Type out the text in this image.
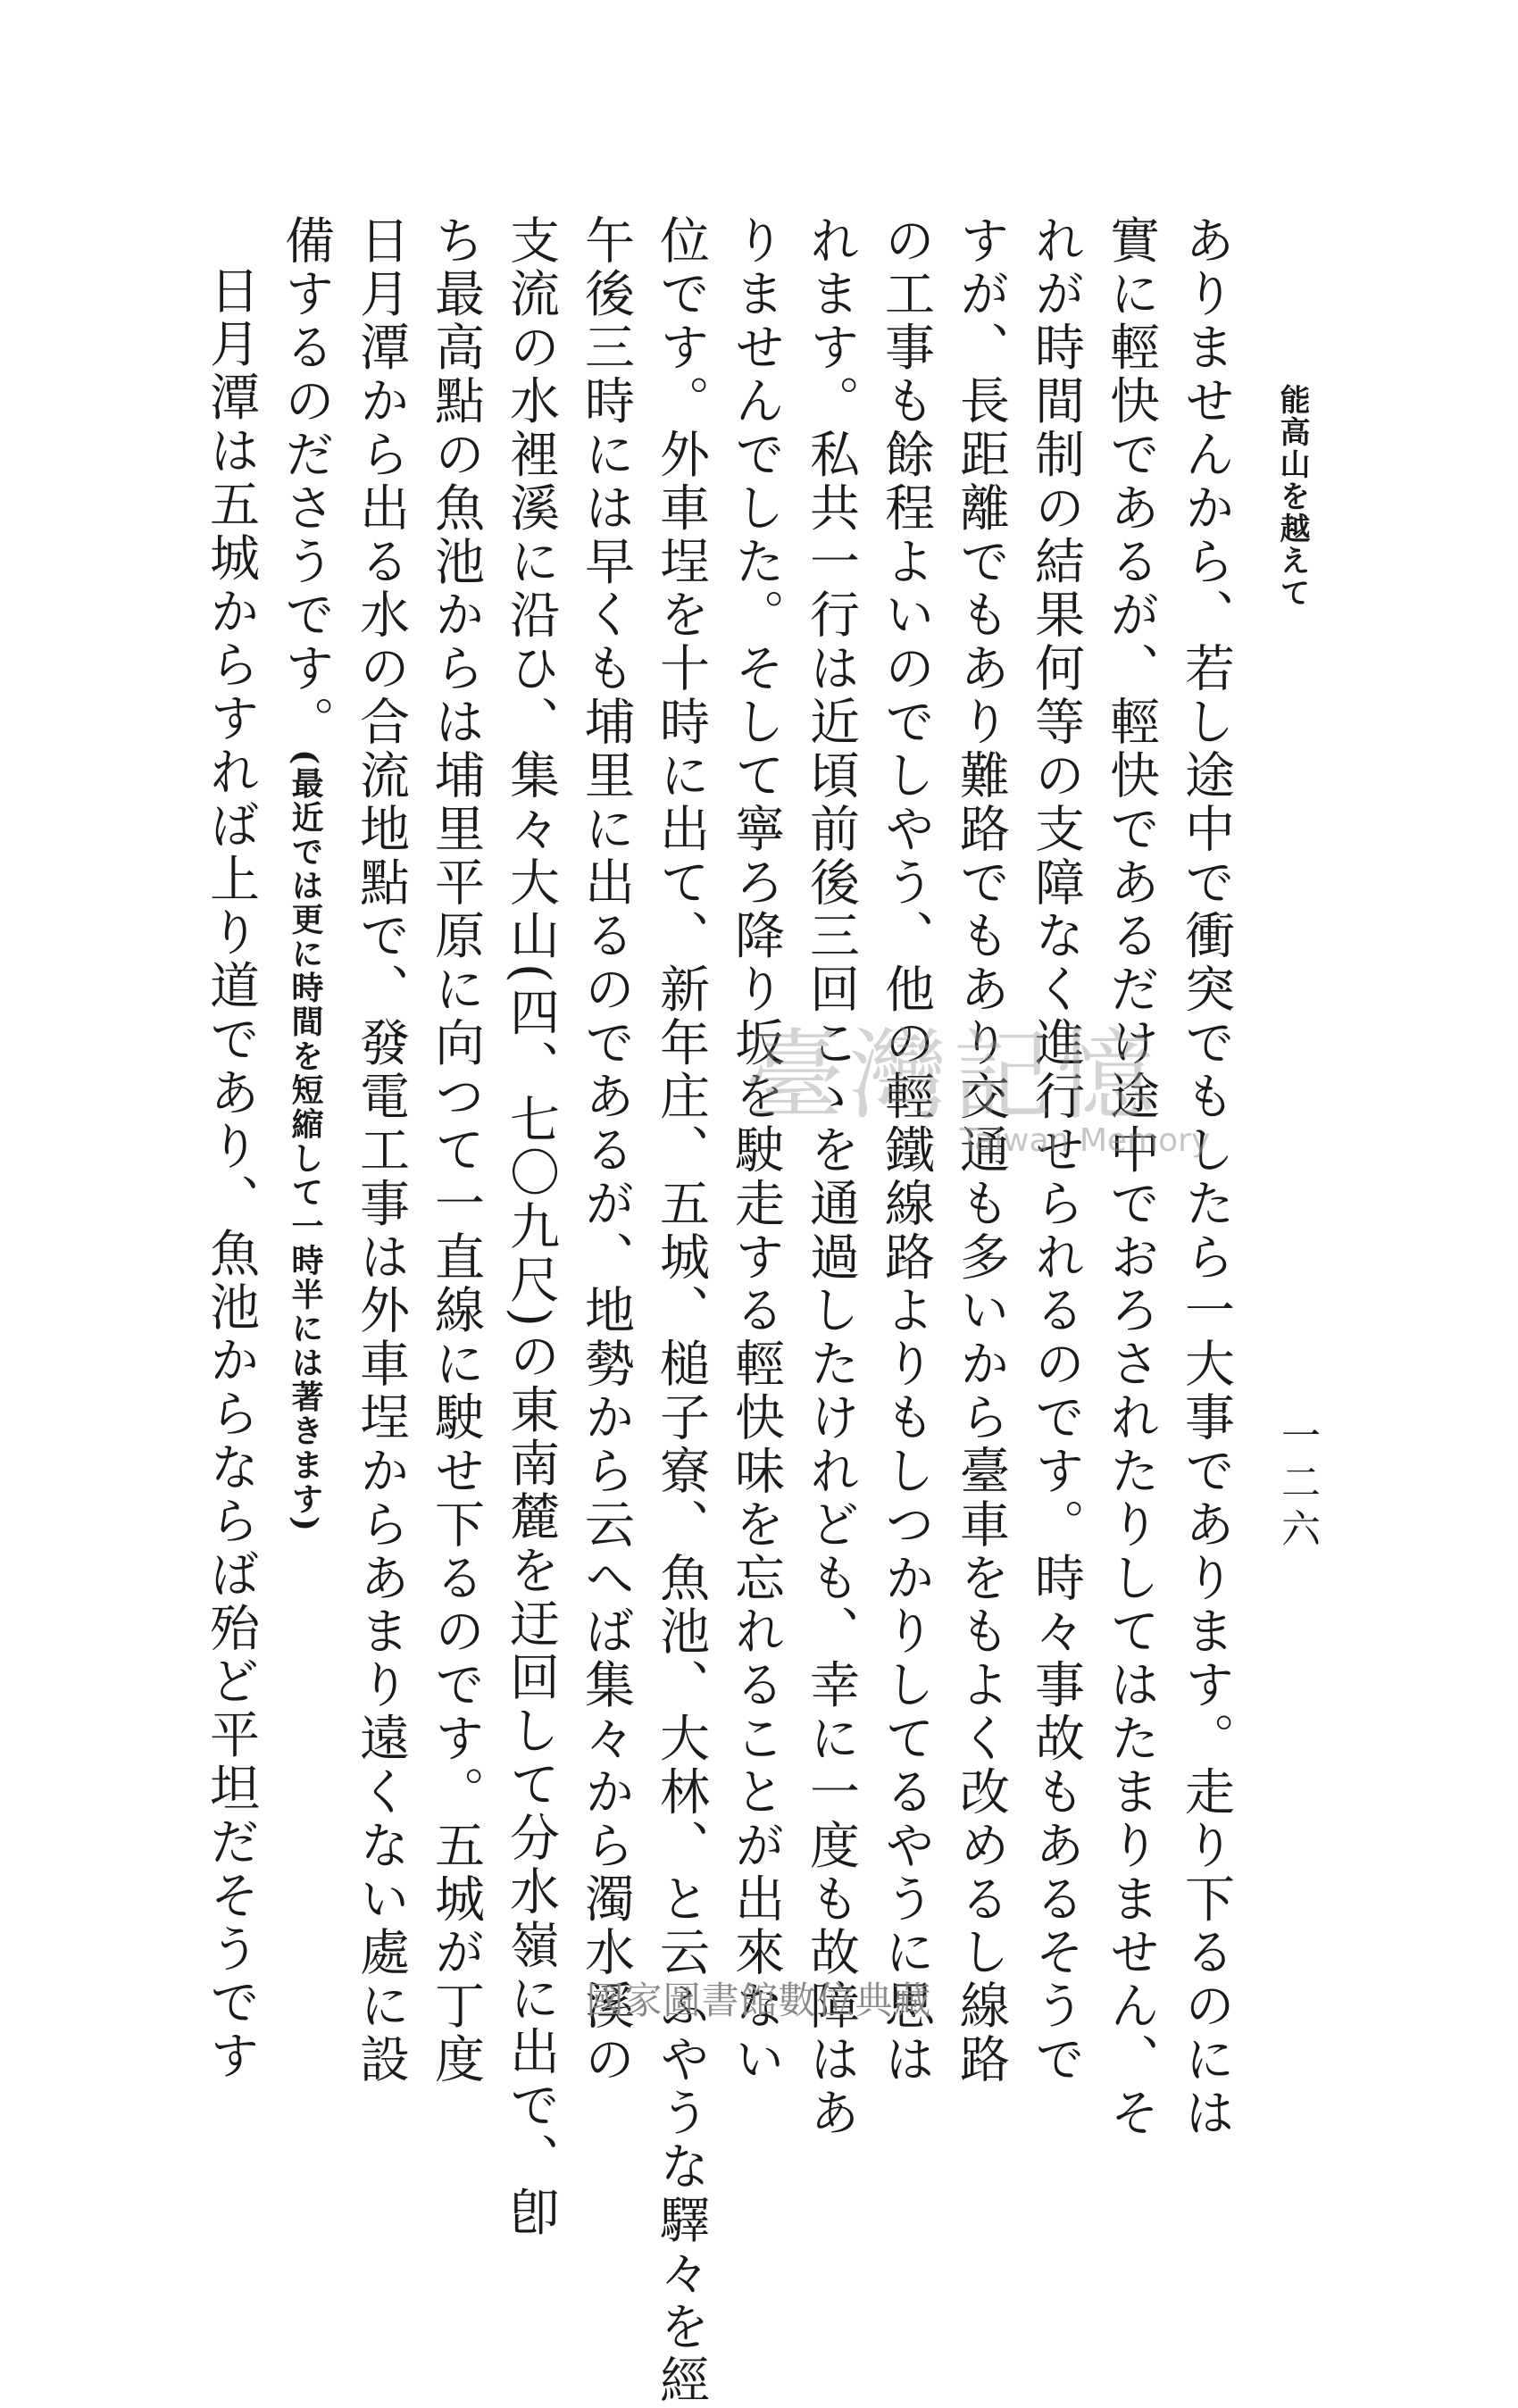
能高山を越えて
一二六

ありませんから、若し途中で衝突でもしたら一大事であります。走り下るのには

實に輕快であるが、輕快であるだけ途中でおろされたりしてはたまりません、そ

れが時間制の結果何等の支障なく進行せられるのです。時々事故もあるそうで

すが、長距離でもあり難路でもあり交通も多いから臺車をもよく改めるし線路

の工事も餘程よいのでしやう、他の輕鐵線路よりもしつかりしてるやうに思は

れます。私共一行は近頃前後三回こゝを通過したけれども、幸に一度も故障はあ

りませんでした。そして寧ろ降り坂を駛走する輕快味を忘れることが出來ない

位です。外車埕を十時に出て、新年庄、五城、槌子寮、魚池、大林、と云ふやうな驛々を經

午後三時には早くも埔里に出るのであるが、地勢から云へば集々から濁水溪の

支流の水裡溪に沿ひ、集々大山(四、七〇九尺)の東南麓を迂回して分水嶺に出で、卽

ち最高點の魚池からは埔里平原に向つて一直線に駛せ下るのです。五城が丁度

日月潭から出る水の合流地點で、發電工事は外車埕からあまり遠くない處に設

備するのださうです。(最近では更に時間を短縮して一時半には著きます)

日月潭は五城からすれば上り道であり、魚池からならば殆ど平坦だそうです	臺灣記憶
Taiwan Memory
國家圖書館數位典藏
